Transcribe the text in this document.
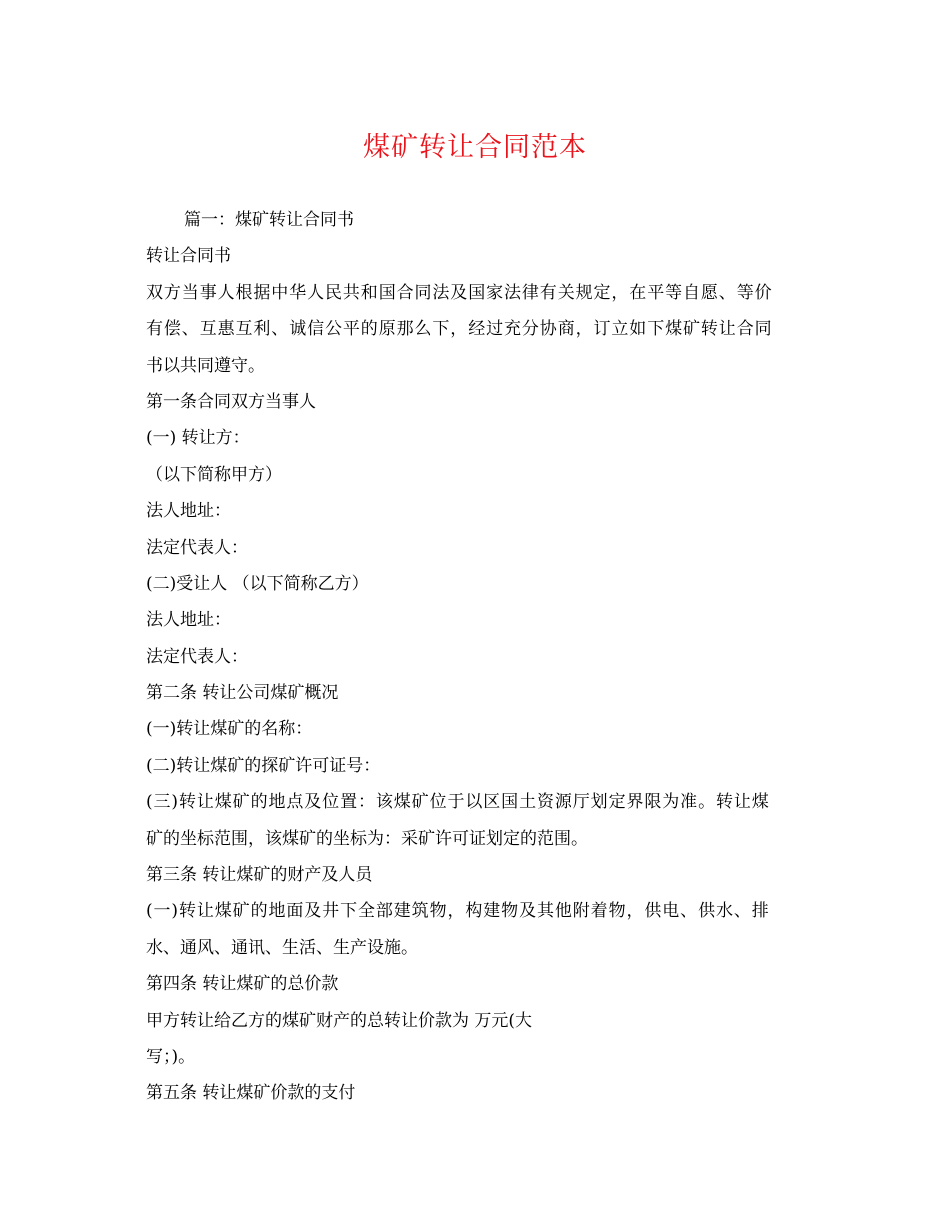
煤矿转让合同范本
篇一：煤矿转让合同书
转让合同书
双方当事人根据中华人民共和国合同法及国家法律有关规定，在平等自愿、等价
有偿、互惠互利、诚信公平的原那么下，经过充分协商，订立如下煤矿转让合同
书以共同遵守。
第一条合同双方当事人
(一) 转让方：
（以下简称甲方）
法人地址：
法定代表人：
(二)受让人 （以下简称乙方）
法人地址：
法定代表人：
第二条 转让公司煤矿概况
(一)转让煤矿的名称：
(二)转让煤矿的探矿许可证号：
(三)转让煤矿的地点及位置：该煤矿位于以区国土资源厅划定界限为准。转让煤
矿的坐标范围，该煤矿的坐标为：采矿许可证划定的范围。
第三条 转让煤矿的财产及人员
(一)转让煤矿的地面及井下全部建筑物，构建物及其他附着物，供电、供水、排
水、通风、通讯、生活、生产设施。
第四条 转让煤矿的总价款
甲方转让给乙方的煤矿财产的总转让价款为 万元(大
写；)。
第五条 转让煤矿价款的支付
